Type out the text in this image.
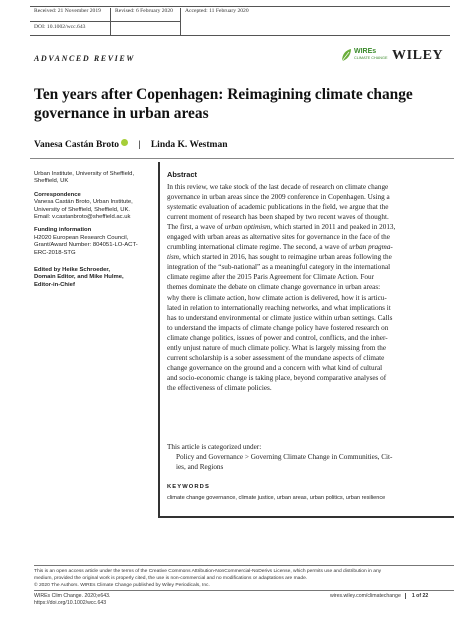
Received: 21 November 2019	Revised: 6 February 2020	Accepted: 11 February 2020
DOI: 10.1002/wcc.643
ADVANCED REVIEW
WIREs
CLIMATE CHANGE WILEY
Ten years after Copenhagen: Reimagining climate change governance in urban areas
Vanesa Castán Broto | Linda K. Westman
Urban Institute, University of Sheffield,
Sheffield, UK
Correspondence
Vanesa Castán Broto, Urban Institute,
University of Sheffield, Sheffield, UK.
Email: v.castanbroto@sheffield.ac.uk
Funding information
H2020 European Research Council,
Grant/Award Number: 804051-LO-ACT-
ERC-2018-STG
Edited by Heike Schroeder,
Domain Editor, and Mike Hulme,
Editor-in-Chief
Abstract
In this review, we take stock of the last decade of research on climate change
governance in urban areas since the 2009 conference in Copenhagen. Using a
systematic evaluation of academic publications in the field, we argue that the
current moment of research has been shaped by two recent waves of thought.
The first, a wave of urban optimism, which started in 2011 and peaked in 2013,
engaged with urban areas as alternative sites for governance in the face of the
crumbling international climate regime. The second, a wave of urban pragma-
tism, which started in 2016, has sought to reimagine urban areas following the
integration of the “sub-national” as a meaningful category in the international
climate regime after the 2015 Paris Agreement for Climate Action. Four
themes dominate the debate on climate change governance in urban areas:
why there is climate action, how climate action is delivered, how it is articu-
lated in relation to internationally reaching networks, and what implications it
has to understand environmental or climate justice within urban settings. Calls
to understand the impacts of climate change policy have fostered research on
climate change politics, issues of power and control, conflicts, and the inher-
ently unjust nature of much climate policy. What is largely missing from the
current scholarship is a sober assessment of the mundane aspects of climate
change governance on the ground and a concern with what kind of cultural
and socio-economic change is taking place, beyond comparative analyses of
the effectiveness of climate policies.
This article is categorized under:
Policy and Governance > Governing Climate Change in Communities, Cit-
ies, and Regions
KEYWORDS
climate change governance, climate justice, urban areas, urban politics, urban resilience
This is an open access article under the terms of the Creative Commons Attribution-NonCommercial-NoDerivs License, which permits use and distribution in any
medium, provided the original work is properly cited, the use is non-commercial and no modifications or adaptations are made.
© 2020 The Authors. WIREs Climate Change published by Wiley Periodicals, Inc.
WIREs Clim Change. 2020;e643.
https://doi.org/10.1002/wcc.643
wires.wiley.com/climatechange 1 of 22
